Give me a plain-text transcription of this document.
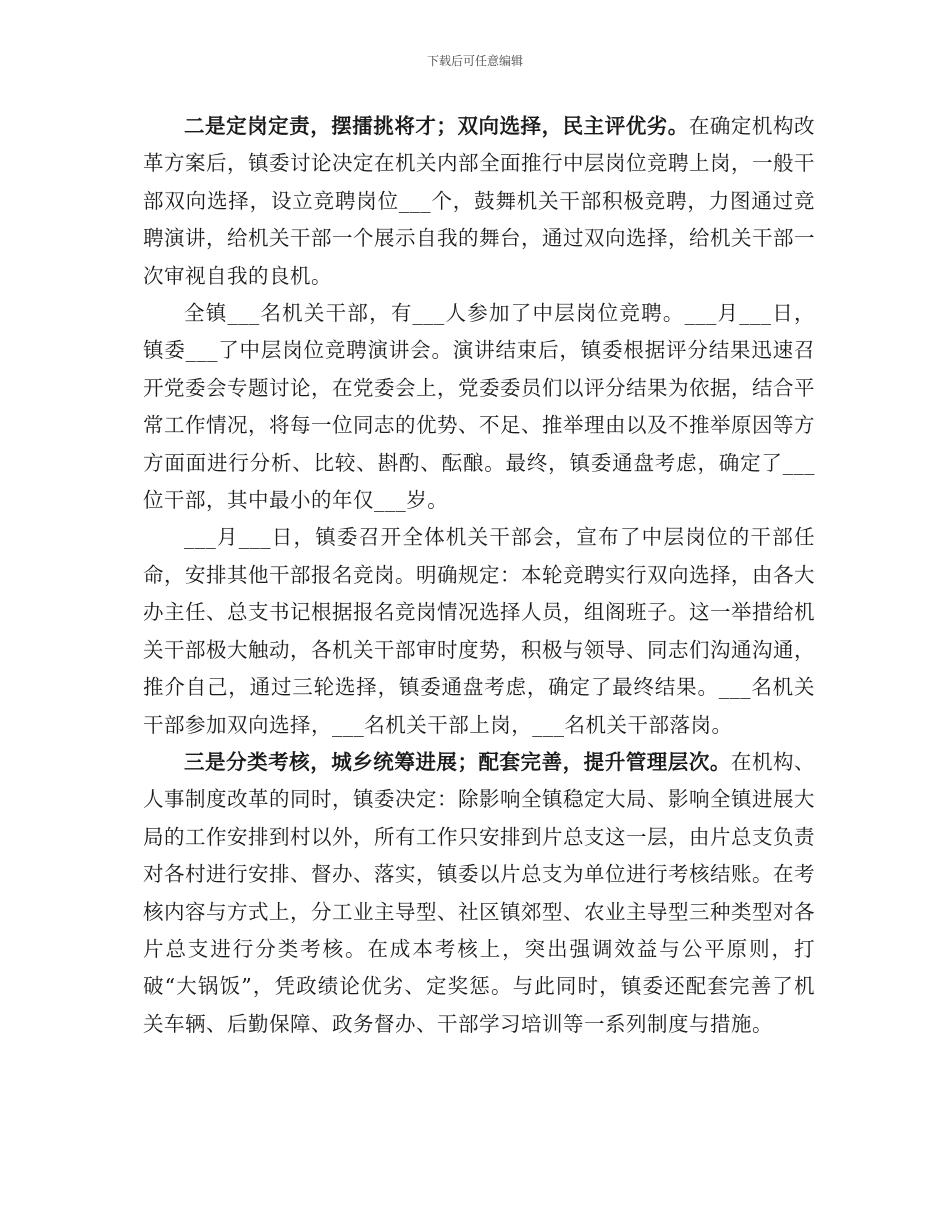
下载后可任意编辑

二是定岗定责，摆擂挑将才；双向选择，民主评优劣。在确定机构改革方案后，镇委讨论决定在机关内部全面推行中层岗位竞聘上岗，一般干部双向选择，设立竞聘岗位___个，鼓舞机关干部积极竞聘，力图通过竞聘演讲，给机关干部一个展示自我的舞台，通过双向选择，给机关干部一次审视自我的良机。

全镇___名机关干部，有___人参加了中层岗位竞聘。___月___日，镇委___了中层岗位竞聘演讲会。演讲结束后，镇委根据评分结果迅速召开党委会专题讨论，在党委会上，党委委员们以评分结果为依据，结合平常工作情况，将每一位同志的优势、不足、推举理由以及不推举原因等方方面面进行分析、比较、斟酌、酝酿。最终，镇委通盘考虑，确定了___位干部，其中最小的年仅___岁。

___月___日，镇委召开全体机关干部会，宣布了中层岗位的干部任命，安排其他干部报名竞岗。明确规定：本轮竞聘实行双向选择，由各大办主任、总支书记根据报名竞岗情况选择人员，组阁班子。这一举措给机关干部极大触动，各机关干部审时度势，积极与领导、同志们沟通沟通，推介自己，通过三轮选择，镇委通盘考虑，确定了最终结果。___名机关干部参加双向选择，___名机关干部上岗，___名机关干部落岗。

三是分类考核，城乡统筹进展；配套完善，提升管理层次。在机构、人事制度改革的同时，镇委决定：除影响全镇稳定大局、影响全镇进展大局的工作安排到村以外，所有工作只安排到片总支这一层，由片总支负责对各村进行安排、督办、落实，镇委以片总支为单位进行考核结账。在考核内容与方式上，分工业主导型、社区镇郊型、农业主导型三种类型对各片总支进行分类考核。在成本考核上，突出强调效益与公平原则，打破“大锅饭”，凭政绩论优劣、定奖惩。与此同时，镇委还配套完善了机关车辆、后勤保障、政务督办、干部学习培训等一系列制度与措施。
